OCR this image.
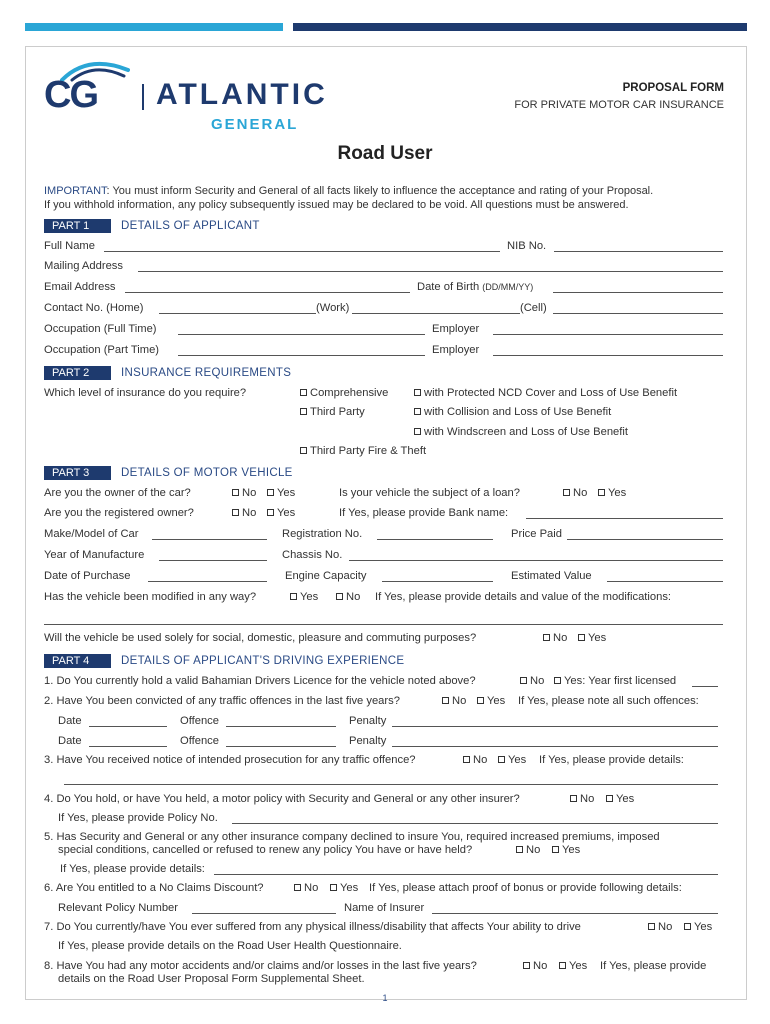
CG ATLANTIC
GENERAL
PROPOSAL FORM
FOR PRIVATE MOTOR CAR INSURANCE
Road User
IMPORTANT: You must inform Security and General of all facts likely to influence the acceptance and rating of your Proposal.
If you withhold information, any policy subsequently issued may be declared to be void. All questions must be answered.
PART 1	DETAILS OF APPLICANT
Full Name	NIB No.
Mailing Address
Email Address	Date of Birth (DD/MM/YY)
Contact No. (Home)	(Work)	(Cell)
Occupation (Full Time)	Employer
Occupation (Part Time)	Employer
PART 2	INSURANCE REQUIREMENTS
Which level of insurance do you require?	Comprehensive	with Protected NCD Cover and Loss of Use Benefit
Third Party	with Collision and Loss of Use Benefit
with Windscreen and Loss of Use Benefit
Third Party Fire & Theft
PART 3	DETAILS OF MOTOR VEHICLE
Are you the owner of the car?	No	Yes	Is your vehicle the subject of a loan?	No	Yes
Are you the registered owner?	No	Yes	If Yes, please provide Bank name:
Make/Model of Car	Registration No.	Price Paid
Year of Manufacture	Chassis No.
Date of Purchase	Engine Capacity	Estimated Value
Has the vehicle been modified in any way?	Yes	No If Yes, please provide details and value of the modifications:
Will the vehicle be used solely for social, domestic, pleasure and commuting purposes?	No	Yes
PART 4	DETAILS OF APPLICANT'S DRIVING EXPERIENCE
1. Do You currently hold a valid Bahamian Drivers Licence for the vehicle noted above?	No	Yes: Year first licensed
2. Have You been convicted of any traffic offences in the last five years?	No	Yes If Yes, please note all such offences:
Date	Offence	Penalty
Date	Offence	Penalty
3. Have You received notice of intended prosecution for any traffic offence?	No	Yes If Yes, please provide details:
4. Do You hold, or have You held, a motor policy with Security and General or any other insurer?	No	Yes
If Yes, please provide Policy No.
5. Has Security and General or any other insurance company declined to insure You, required increased premiums, imposed
special conditions, cancelled or refused to renew any policy You have or have held?	No	Yes
If Yes, please provide details:
6. Are You entitled to a No Claims Discount?	No	Yes If Yes, please attach proof of bonus or provide following details:
Relevant Policy Number	Name of Insurer
7. Do You currently/have You ever suffered from any physical illness/disability that affects Your ability to drive	No	Yes
If Yes, please provide details on the Road User Health Questionnaire.
8. Have You had any motor accidents and/or claims and/or losses in the last five years?	No	Yes If Yes, please provide
details on the Road User Proposal Form Supplemental Sheet.
1
